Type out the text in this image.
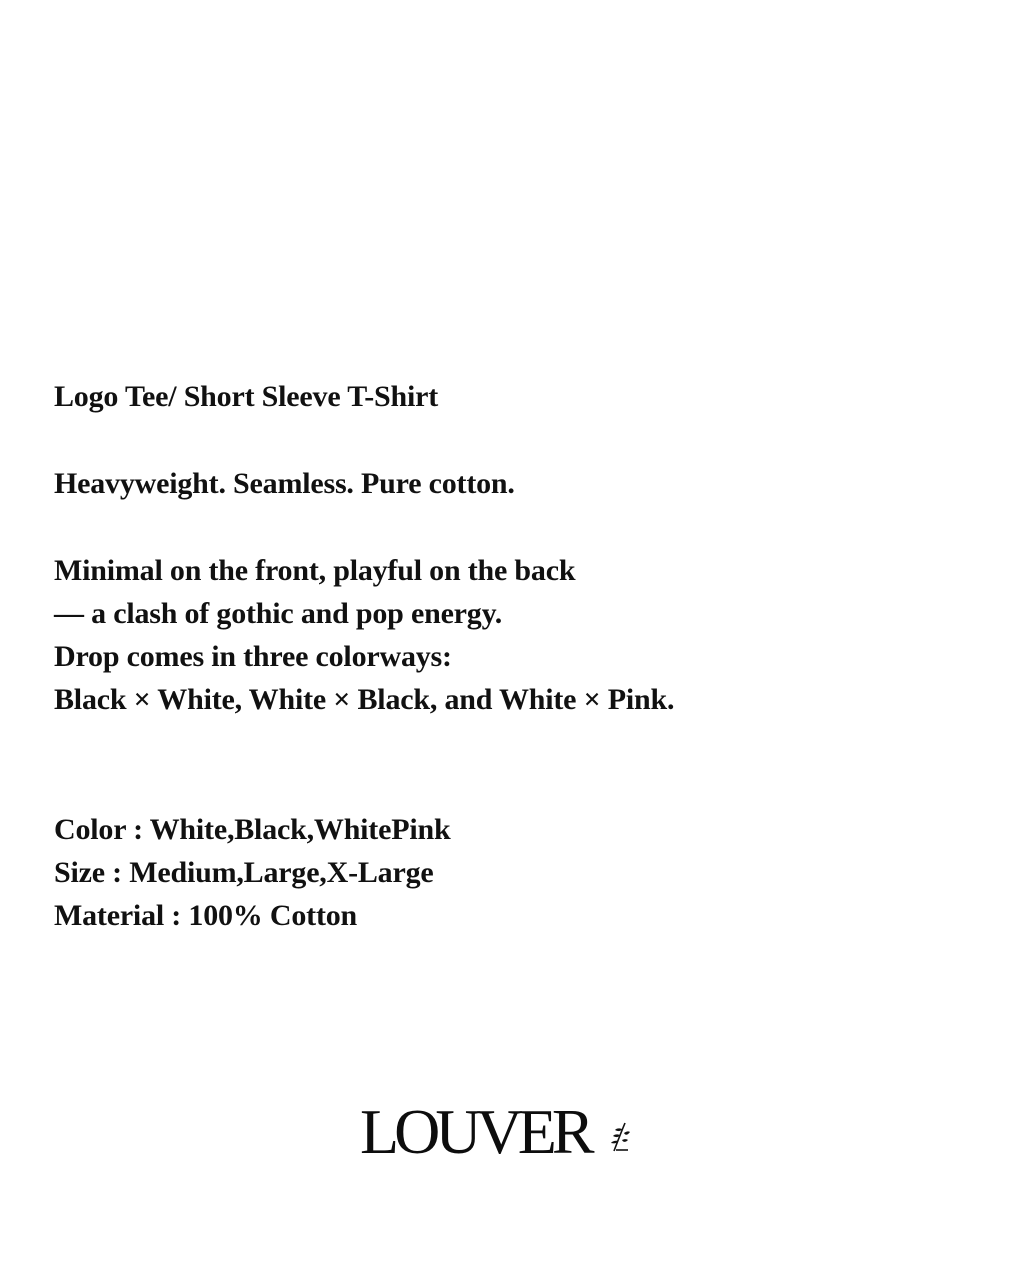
Logo Tee/ Short Sleeve T-Shirt
Heavyweight. Seamless. Pure cotton.
Minimal on the front, playful on the back
— a clash of gothic and pop energy.
Drop comes in three colorways:
Black × White, White × Black, and White × Pink.
Color : White,Black,WhitePink
Size : Medium,Large,X-Large
Material : 100% Cotton
LOUVER
